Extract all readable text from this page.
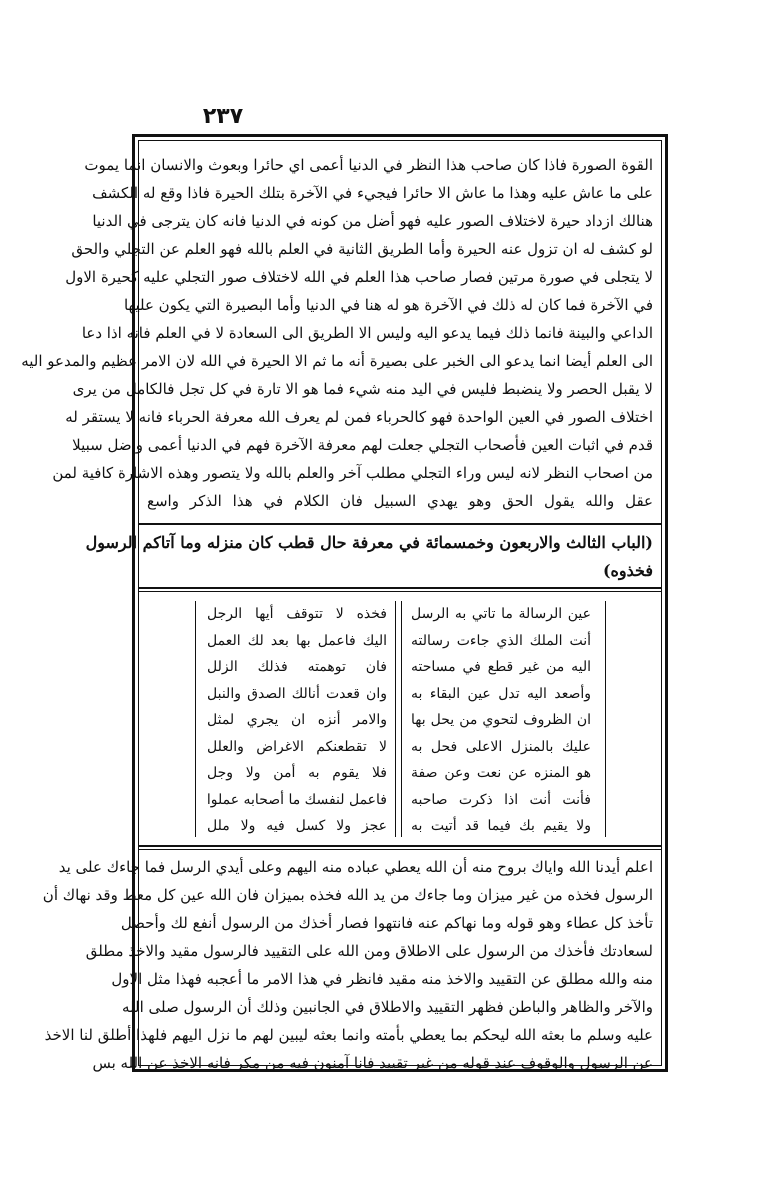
٢٣٧
القوة الصورة فاذا كان صاحب هذا النظر في الدنيا أعمى اي حائرا وبعوث والانسان انما يموت
على ما عاش عليه وهذا ما عاش الا حائرا فيجيء في الآخرة بتلك الحيرة فاذا وقع له الكشف
هنالك ازداد حيرة لاختلاف الصور عليه فهو أضل من كونه في الدنيا فانه كان يترجى في الدنيا
لو كشف له ان تزول عنه الحيرة وأما الطريق الثانية في العلم بالله فهو العلم عن التجلي والحق
لا يتجلى في صورة مرتين فصار صاحب هذا العلم في الله لاختلاف صور التجلي عليه كحيرة الاول
في الآخرة فما كان له ذلك في الآخرة هو له هنا في الدنيا وأما البصيرة التي يكون عليها
الداعي والبينة فانما ذلك فيما يدعو اليه وليس الا الطريق الى السعادة لا في العلم فانه اذا دعا
الى العلم أيضا انما يدعو الى الخبر على بصيرة أنه ما ثم الا الحيرة في الله لان الامر عظيم والمدعو اليه
لا يقبل الحصر ولا ينضبط فليس في اليد منه شيء فما هو الا تارة في كل تجل فالكامل من يرى
اختلاف الصور في العين الواحدة فهو كالحرباء فمن لم يعرف الله معرفة الحرباء فانه لا يستقر له
قدم في اثبات العين فأصحاب التجلي جعلت لهم معرفة الآخرة فهم في الدنيا أعمى وأضل سبيلا
من اصحاب النظر لانه ليس وراء التجلي مطلب آخر والعلم بالله ولا يتصور وهذه الاشارة كافية لمن
عقل والله يقول الحق وهو يهدي السبيل فان الكلام في هذا الذكر واسع
(الباب الثالث والاربعون وخمسمائة في معرفة حال قطب كان منزله وما آتاكم الرسول
فخذوه)
عين الرسالة ما تاتي به الرسل
أنت الملك الذي جاءت رسالته
اليه من غير قطع في مساحته
وأصعد اليه تدل عين البقاء به
ان الظروف لتحوي من يحل بها
عليك بالمنزل الاعلى فحل به
هو المنزه عن نعت وعن صفة
فأنت أنت اذا ذكرت صاحبه
ولا يقيم بك فيما قد أتيت به
فخذه لا تتوقف أيها الرجل
اليك فاعمل بها بعد لك العمل
فان توهمته فذلك الزلل
وان قعدت أنالك الصدق والنبل
والامر أنزه ان يجري لمثل
لا تقطعنكم الاغراض والعلل
فلا يقوم به أمن ولا وجل
فاعمل لنفسك ما أصحابه عملوا
عجز ولا كسل فيه ولا ملل
اعلم أيدنا الله واياك بروح منه أن الله يعطي عباده منه اليهم وعلى أيدي الرسل فما جاءك على يد
الرسول فخذه من غير ميزان وما جاءك من يد الله فخذه بميزان فان الله عين كل معط وقد نهاك أن
تأخذ كل عطاء وهو قوله وما نهاكم عنه فانتهوا فصار أخذك من الرسول أنفع لك وأحصل
لسعادتك فأخذك من الرسول على الاطلاق ومن الله على التقييد فالرسول مقيد والاخذ مطلق
منه والله مطلق عن التقييد والاخذ منه مقيد فانظر في هذا الامر ما أعجبه فهذا مثل الاول
والآخر والظاهر والباطن فظهر التقييد والاطلاق في الجانبين وذلك أن الرسول صلى الله
عليه وسلم ما بعثه الله ليحكم بما يعطي بأمته وانما بعثه ليبين لهم ما نزل اليهم فلهذا أطلق لنا الاخذ
عن الرسول والوقوف عند قوله من غير تقييد فانا آمنون فيه من مكر فانه الاخذ عن الله بس
